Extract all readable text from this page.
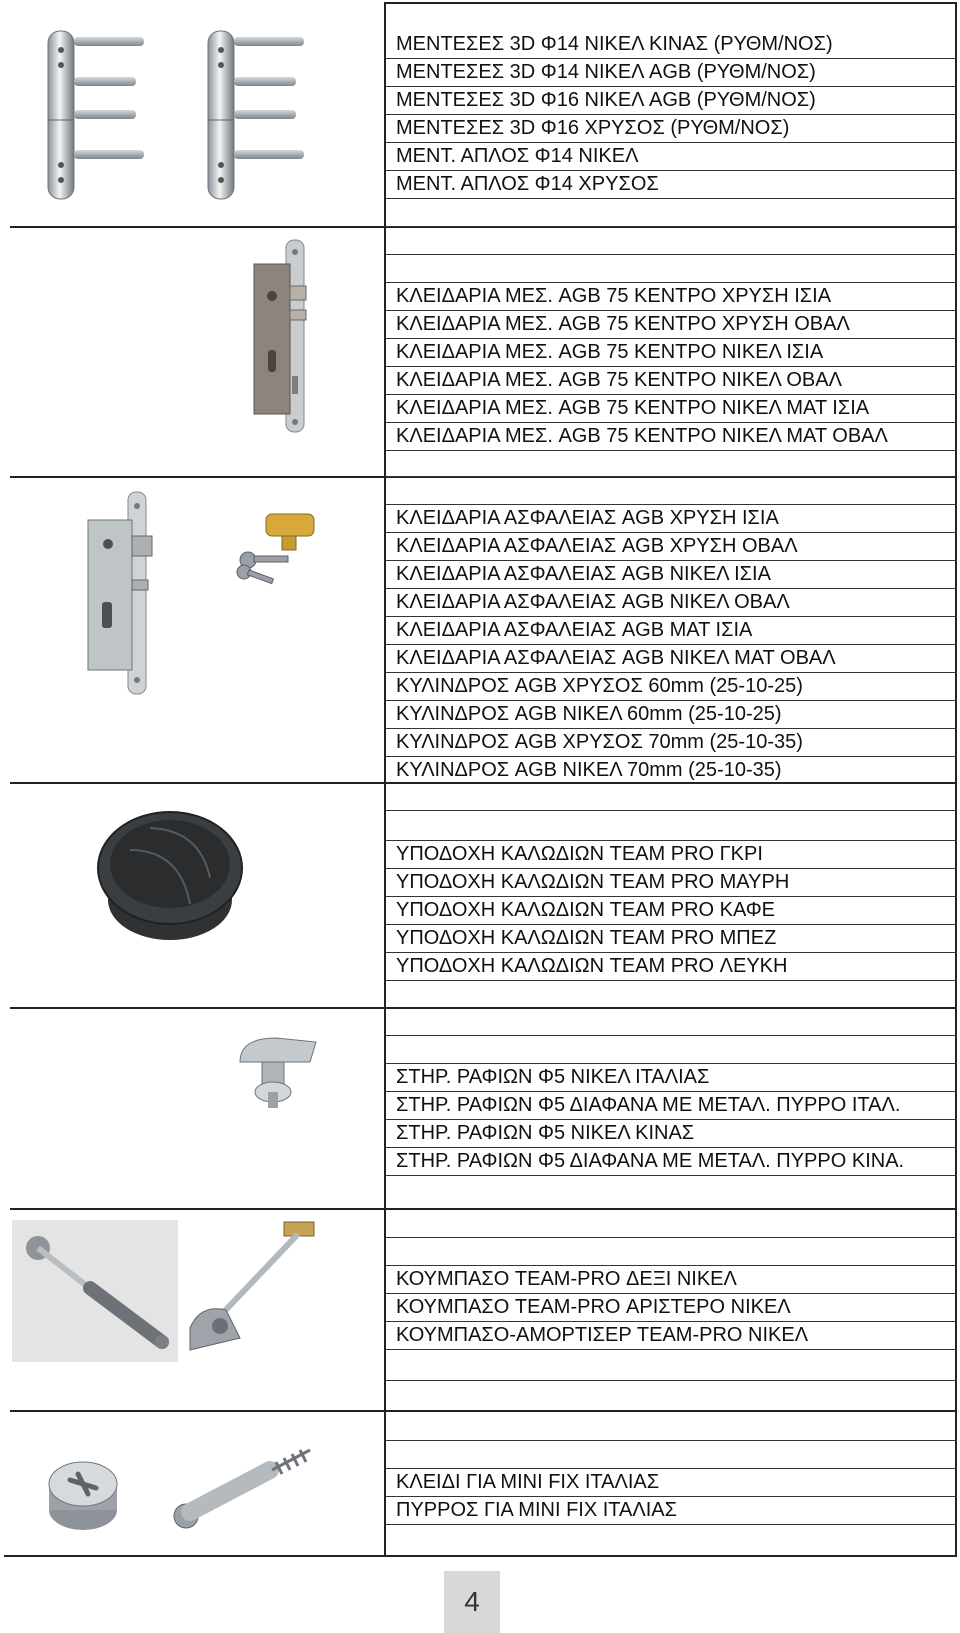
ΜΕΝΤΕΣΕΣ 3D Φ14 ΝΙΚΕΛ ΚΙΝΑΣ (ΡΥΘΜ/ΝΟΣ)
ΜΕΝΤΕΣΕΣ 3D Φ14 ΝΙΚΕΛ AGB (ΡΥΘΜ/ΝΟΣ)
ΜΕΝΤΕΣΕΣ 3D Φ16 ΝΙΚΕΛ AGB (ΡΥΘΜ/ΝΟΣ)
ΜΕΝΤΕΣΕΣ 3D Φ16 ΧΡΥΣΟΣ (ΡΥΘΜ/ΝΟΣ)
ΜΕΝΤ. ΑΠΛΟΣ Φ14 ΝΙΚΕΛ
ΜΕΝΤ. ΑΠΛΟΣ Φ14 ΧΡΥΣΟΣ
ΚΛΕΙΔΑΡΙΑ ΜΕΣ. AGB 75 ΚΕΝΤΡΟ ΧΡΥΣΗ ΙΣΙΑ
ΚΛΕΙΔΑΡΙΑ ΜΕΣ. AGB 75 ΚΕΝΤΡΟ ΧΡΥΣΗ ΟΒΑΛ
ΚΛΕΙΔΑΡΙΑ ΜΕΣ. AGB 75 ΚΕΝΤΡΟ ΝΙΚΕΛ ΙΣΙΑ
ΚΛΕΙΔΑΡΙΑ ΜΕΣ. AGB 75 ΚΕΝΤΡΟ ΝΙΚΕΛ ΟΒΑΛ
ΚΛΕΙΔΑΡΙΑ ΜΕΣ. AGB 75 ΚΕΝΤΡΟ ΝΙΚΕΛ ΜΑΤ ΙΣΙΑ
ΚΛΕΙΔΑΡΙΑ ΜΕΣ. AGB 75 ΚΕΝΤΡΟ ΝΙΚΕΛ ΜΑΤ ΟΒΑΛ
ΚΛΕΙΔΑΡΙΑ ΑΣΦΑΛΕΙΑΣ AGB ΧΡΥΣΗ ΙΣΙΑ
ΚΛΕΙΔΑΡΙΑ ΑΣΦΑΛΕΙΑΣ AGB ΧΡΥΣΗ ΟΒΑΛ
ΚΛΕΙΔΑΡΙΑ ΑΣΦΑΛΕΙΑΣ AGB ΝΙΚΕΛ ΙΣΙΑ
ΚΛΕΙΔΑΡΙΑ ΑΣΦΑΛΕΙΑΣ AGB ΝΙΚΕΛ ΟΒΑΛ
ΚΛΕΙΔΑΡΙΑ ΑΣΦΑΛΕΙΑΣ AGB ΜΑΤ ΙΣΙΑ
ΚΛΕΙΔΑΡΙΑ ΑΣΦΑΛΕΙΑΣ AGB ΝΙΚΕΛ ΜΑΤ ΟΒΑΛ
ΚΥΛΙΝΔΡΟΣ AGB ΧΡΥΣΟΣ 60mm (25-10-25)
ΚΥΛΙΝΔΡΟΣ AGB ΝΙΚΕΛ 60mm (25-10-25)
ΚΥΛΙΝΔΡΟΣ AGB ΧΡΥΣΟΣ 70mm (25-10-35)
ΚΥΛΙΝΔΡΟΣ AGB ΝΙΚΕΛ 70mm (25-10-35)
ΥΠΟΔΟΧΗ ΚΑΛΩΔΙΩΝ TEAM PRO ΓΚΡΙ
ΥΠΟΔΟΧΗ ΚΑΛΩΔΙΩΝ TEAM PRO ΜΑΥΡΗ
ΥΠΟΔΟΧΗ ΚΑΛΩΔΙΩΝ TEAM PRO ΚΑΦΕ
ΥΠΟΔΟΧΗ ΚΑΛΩΔΙΩΝ TEAM PRO ΜΠΕΖ
ΥΠΟΔΟΧΗ ΚΑΛΩΔΙΩΝ TEAM PRO ΛΕΥΚΗ
ΣΤΗΡ. ΡΑΦΙΩΝ Φ5 ΝΙΚΕΛ ΙΤΑΛΙΑΣ
ΣΤΗΡ. ΡΑΦΙΩΝ Φ5 ΔΙΑΦΑΝΑ ΜΕ ΜΕΤΑΛ. ΠΥΡΡΟ ΙΤΑΛ.
ΣΤΗΡ. ΡΑΦΙΩΝ Φ5 ΝΙΚΕΛ ΚΙΝΑΣ
ΣΤΗΡ. ΡΑΦΙΩΝ Φ5 ΔΙΑΦΑΝΑ ΜΕ ΜΕΤΑΛ. ΠΥΡΡΟ ΚΙΝΑ.
ΚΟΥΜΠΑΣΟ TEAM-PRO ΔΕΞΙ ΝΙΚΕΛ
ΚΟΥΜΠΑΣΟ TEAM-PRO ΑΡΙΣΤΕΡΟ ΝΙΚΕΛ
ΚΟΥΜΠΑΣΟ-ΑΜΟΡΤΙΣΕΡ TEAM-PRO ΝΙΚΕΛ
ΚΛΕΙΔΙ ΓΙΑ MINI FIX ΙΤΑΛΙΑΣ
ΠΥΡΡΟΣ ΓΙΑ MINI FIX ΙΤΑΛΙΑΣ
4
